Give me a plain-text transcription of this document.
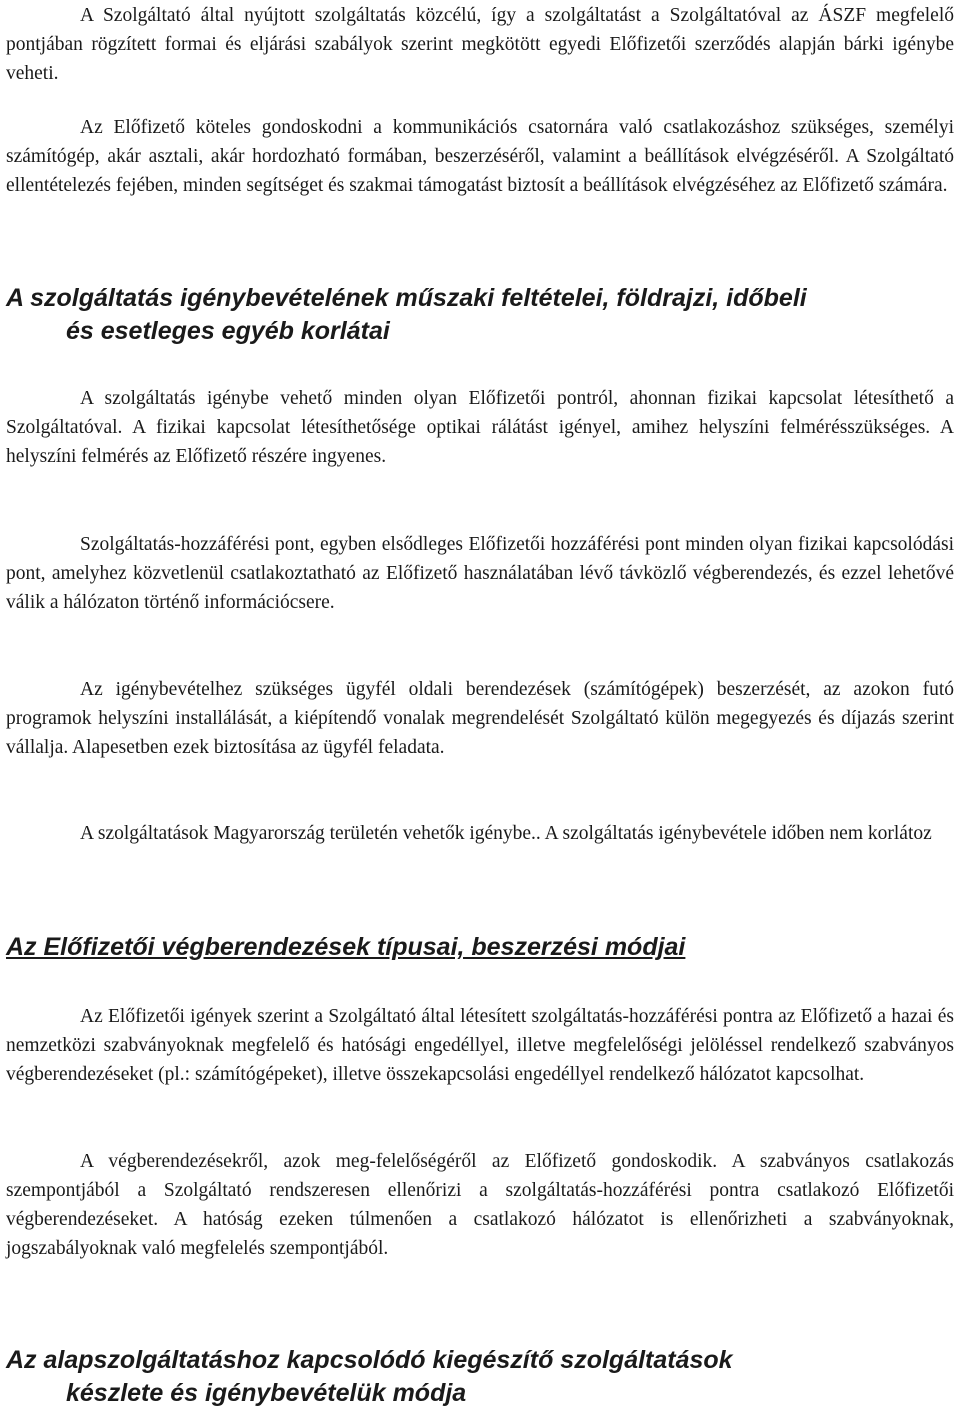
A Szolgáltató által nyújtott szolgáltatás közcélú, így a szolgáltatást a Szolgáltatóval az ÁSZF megfelelő pontjában rögzített formai és eljárási szabályok szerint megkötött egyedi Előfizetői szerződés alapján bárki igénybe veheti.

Az Előfizető köteles gondoskodni a kommunikációs csatornára való csatlakozáshoz szükséges, személyi számítógép, akár asztali, akár hordozható formában, beszerzéséről, valamint a beállítások elvégzéséről. A Szolgáltató ellentételezés fejében, minden segítséget és szakmai támogatást biztosít a beállítások elvégzéséhez az Előfizető számára.

A szolgáltatás igénybevételének műszaki feltételei, földrajzi, időbeli
és esetleges egyéb korlátai

A szolgáltatás igénybe vehető minden olyan Előfizetői pontról, ahonnan fizikai kapcsolat létesíthető a Szolgáltatóval. A fizikai kapcsolat létesíthetősége optikai rálátást igényel, amihez helyszíni felmérésszükséges. A helyszíni felmérés az Előfizető részére ingyenes.

Szolgáltatás-hozzáférési pont, egyben elsődleges Előfizetői hozzáférési pont minden olyan fizikai kapcsolódási pont, amelyhez közvetlenül csatlakoztatható az Előfizető használatában lévő távközlő végberendezés, és ezzel lehetővé válik a hálózaton történő információcsere.

Az igénybevételhez szükséges ügyfél oldali berendezések (számítógépek) beszerzését, az azokon futó programok helyszíni installálását, a kiépítendő vonalak megrendelését Szolgáltató külön megegyezés és díjazás szerint vállalja. Alapesetben ezek biztosítása az ügyfél feladata.

A szolgáltatások Magyarország területén vehetők igénybe.. A szolgáltatás igénybevétele időben nem korlátoz

Az Előfizetői végberendezések típusai, beszerzési módjai

Az Előfizetői igények szerint a Szolgáltató által létesített szolgáltatás-hozzáférési pontra az Előfizető a hazai és nemzetközi szabványoknak megfelelő és hatósági engedéllyel, illetve megfelelőségi jelöléssel rendelkező szabványos végberendezéseket (pl.: számítógépeket), illetve összekapcsolási engedéllyel rendelkező hálózatot kapcsolhat.

A végberendezésekről, azok meg-felelőségéről az Előfizető gondoskodik. A szabványos csatlakozás szempontjából a Szolgáltató rendszeresen ellenőrizi a szolgáltatás-hozzáférési pontra csatlakozó Előfizetői végberendezéseket. A hatóság ezeken túlmenően a csatlakozó hálózatot is ellenőrizheti a szabványoknak, jogszabályoknak való megfelelés szempontjából.

Az alapszolgáltatáshoz kapcsolódó kiegészítő szolgáltatások
készlete és igénybevételük módja
